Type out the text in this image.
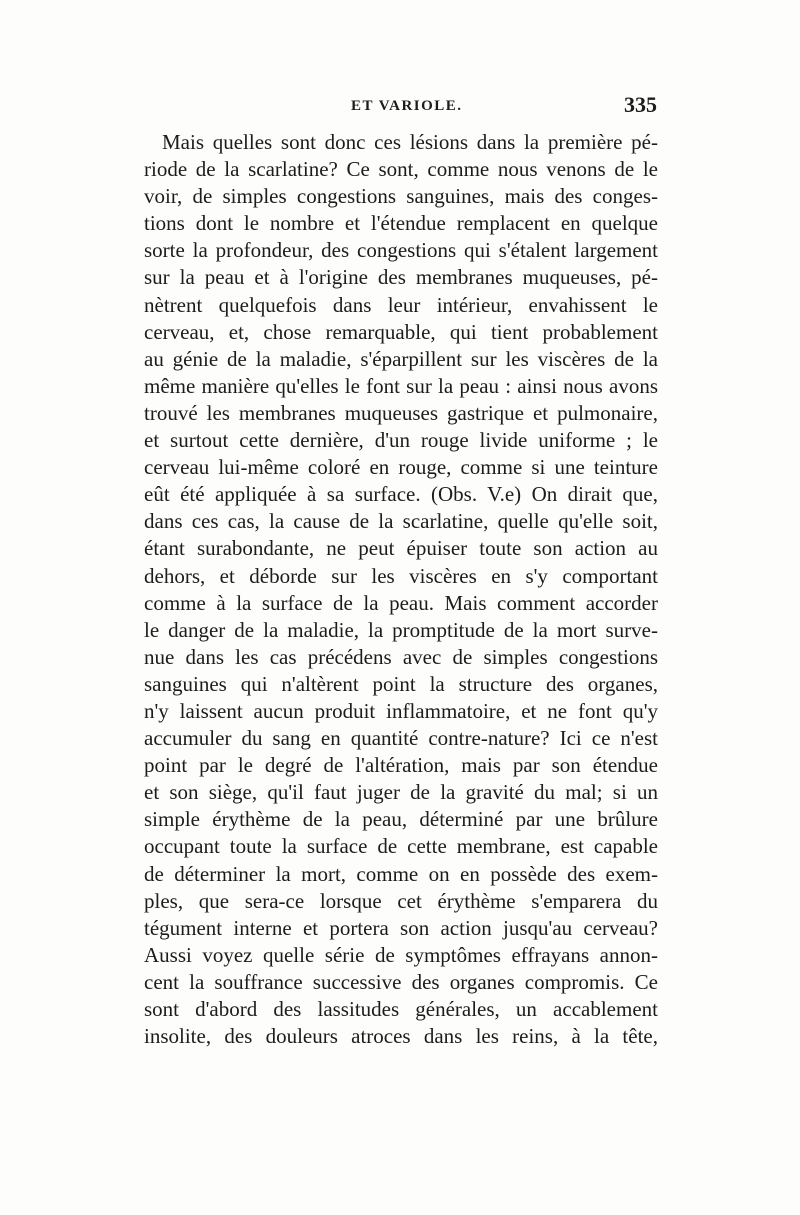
ET VARIOLE.	335
Mais quelles sont donc ces lésions dans la première pé-
riode de la scarlatine? Ce sont, comme nous venons de le
voir, de simples congestions sanguines, mais des conges-
tions dont le nombre et l'étendue remplacent en quelque
sorte la profondeur, des congestions qui s'étalent largement
sur la peau et à l'origine des membranes muqueuses, pé-
nètrent quelquefois dans leur intérieur, envahissent le
cerveau, et, chose remarquable, qui tient probablement
au génie de la maladie, s'éparpillent sur les viscères de la
même manière qu'elles le font sur la peau : ainsi nous avons
trouvé les membranes muqueuses gastrique et pulmonaire,
et surtout cette dernière, d'un rouge livide uniforme ; le
cerveau lui-même coloré en rouge, comme si une teinture
eût été appliquée à sa surface. (Obs. V.e) On dirait que,
dans ces cas, la cause de la scarlatine, quelle qu'elle soit,
étant surabondante, ne peut épuiser toute son action au
dehors, et déborde sur les viscères en s'y comportant
comme à la surface de la peau. Mais comment accorder
le danger de la maladie, la promptitude de la mort surve-
nue dans les cas précédens avec de simples congestions
sanguines qui n'altèrent point la structure des organes,
n'y laissent aucun produit inflammatoire, et ne font qu'y
accumuler du sang en quantité contre-nature? Ici ce n'est
point par le degré de l'altération, mais par son étendue
et son siège, qu'il faut juger de la gravité du mal; si un
simple érythème de la peau, déterminé par une brûlure
occupant toute la surface de cette membrane, est capable
de déterminer la mort, comme on en possède des exem-
ples, que sera-ce lorsque cet érythème s'emparera du
tégument interne et portera son action jusqu'au cerveau?
Aussi voyez quelle série de symptômes effrayans annon-
cent la souffrance successive des organes compromis. Ce
sont d'abord des lassitudes générales, un accablement
insolite, des douleurs atroces dans les reins, à la tête,
